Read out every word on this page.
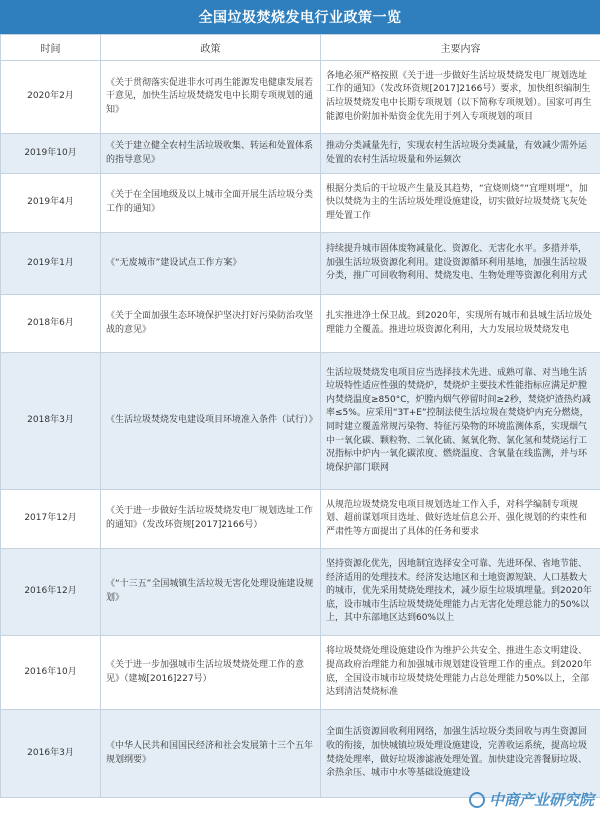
全国垃圾焚烧发电行业政策一览
时间	政策	主要内容
2020年2月	《关于贯彻落实促进非水可再生能源发电健康发展若干意见，加快生活垃圾焚烧发电中长期专项规划的通知》	各地必须严格按照《关于进一步做好生活垃圾焚烧发电厂规划选址工作的通知》（发改环资规[2017]2166号）要求，加快组织编制生活垃圾焚烧发电中长期专项规划（以下简称专项规划）。国家可再生能源电价附加补贴资金优先用于列入专项规划的项目
2019年10月	《关于建立健全农村生活垃圾收集、转运和处置体系的指导意见》	推动分类减量先行，实现农村生活垃圾分类减量，有效减少需外运处置的农村生活垃圾量和外运频次
2019年4月	《关于在全国地级及以上城市全面开展生活垃圾分类工作的通知》	根据分类后的干垃圾产生量及其趋势，“宜烧则烧”“宜埋则埋”，加快以焚烧为主的生活垃圾处理设施建设，切实做好垃圾焚烧飞灰处理处置工作
2019年1月	《“无废城市”建设试点工作方案》	持续提升城市固体废物减量化、资源化、无害化水平。多措并举，加强生活垃圾资源化利用。建设资源循环利用基地，加强生活垃圾分类，推广可回收物利用、焚烧发电、生物处理等资源化利用方式
2018年6月	《关于全面加强生态环境保护坚决打好污染防治攻坚战的意见》	扎实推进净土保卫战。到2020年，实现所有城市和县城生活垃圾处理能力全覆盖。推进垃圾资源化利用，大力发展垃圾焚烧发电
2018年3月	《生活垃圾焚烧发电建设项目环境准入条件（试行）》	生活垃圾焚烧发电项目应当选择技术先进、成熟可靠、对当地生活垃圾特性适应性强的焚烧炉，焚烧炉主要技术性能指标应满足炉膛内焚烧温度≥850°C，炉膛内烟气停留时间≥2秒，焚烧炉渣热灼减率≤5%。应采用“3T+E”控制法使生活垃圾在焚烧炉内充分燃烧，同时建立覆盖常规污染物、特征污染物的环境监测体系，实现烟气中一氧化碳、颗粒物、二氧化硫、氮氧化物、氯化氢和焚烧运行工况指标中炉内一氧化碳浓度、燃烧温度、含氧量在线监测，并与环境保护部门联网
2017年12月	《关于进一步做好生活垃圾焚烧发电厂规划选址工作的通知》（发改环资规[2017]2166号）	从规范垃圾焚烧发电项目规划选址工作入手，对科学编制专项规划、超前谋划项目选址、做好选址信息公开、强化规划的约束性和严肃性等方面提出了具体的任务和要求
2016年12月	《“十三五”全国城镇生活垃圾无害化处理设施建设规划》	坚持资源化优先，因地制宜选择安全可靠、先进环保、省地节能、经济适用的处理技术。经济发达地区和土地资源短缺、人口基数大的城市，优先采用焚烧处理技术，减少原生垃圾填埋量。到2020年底，设市城市生活垃圾焚烧处理能力占无害化处理总能力的50%以上，其中东部地区达到60%以上
2016年10月	《关于进一步加强城市生活垃圾焚烧处理工作的意见》（建城[2016]227号）	将垃圾焚烧处理设施建设作为维护公共安全、推进生态文明建设、提高政府治理能力和加强城市规划建设管理工作的重点。到2020年底，全国设市城市垃圾焚烧处理能力占总处理能力50%以上，全部达到清洁焚烧标准
2016年3月	《中华人民共和国国民经济和社会发展第十三个五年规划纲要》	全面生活资源回收利用网络，加强生活垃圾分类回收与再生资源回收的衔接，加快城镇垃圾处理设施建设，完善收运系统，提高垃圾焚烧处理率，做好垃圾渗滤液处理处置。加快建设完善餐厨垃圾、余热余压、城市中水等基础设施建设
中商产业研究院
